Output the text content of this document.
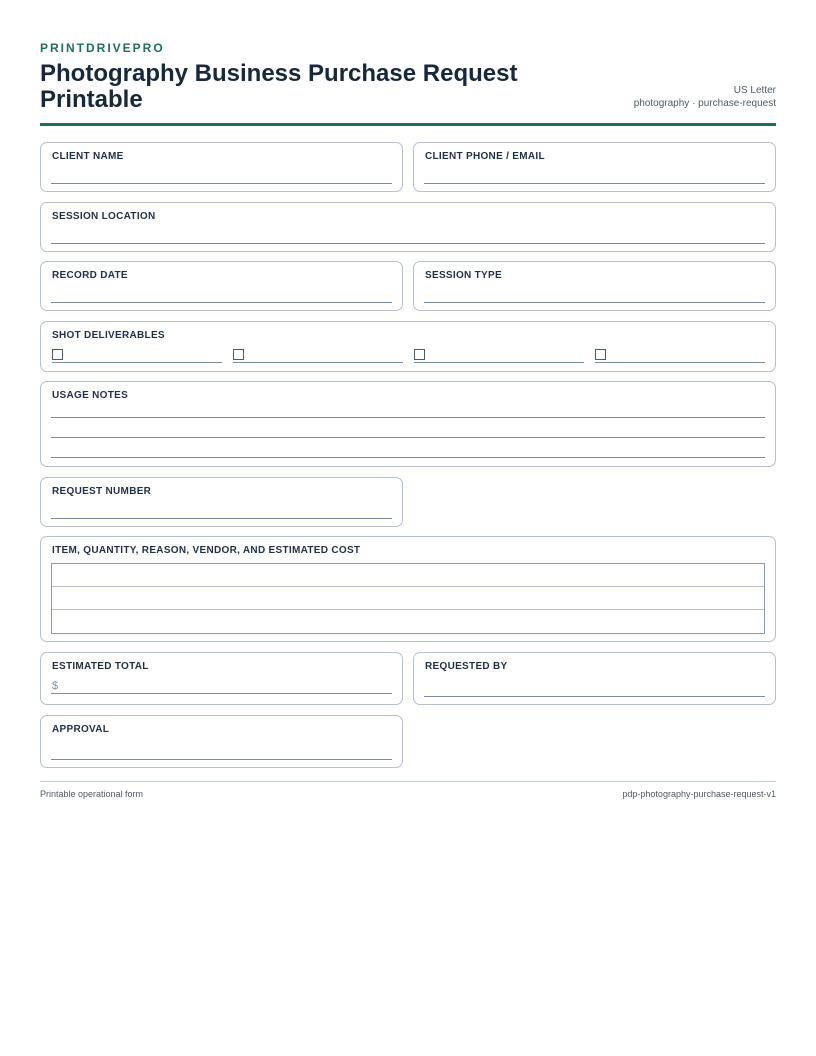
PRINTDRIVEPRO
Photography Business Purchase Request Printable	US Letter
photography · purchase-request
CLIENT NAME	CLIENT PHONE / EMAIL
SESSION LOCATION
RECORD DATE	SESSION TYPE
SHOT DELIVERABLES
USAGE NOTES
REQUEST NUMBER
ITEM, QUANTITY, REASON, VENDOR, AND ESTIMATED COST
ESTIMATED TOTAL
$
REQUESTED BY
APPROVAL
Printable operational form	pdp-photography-purchase-request-v1
